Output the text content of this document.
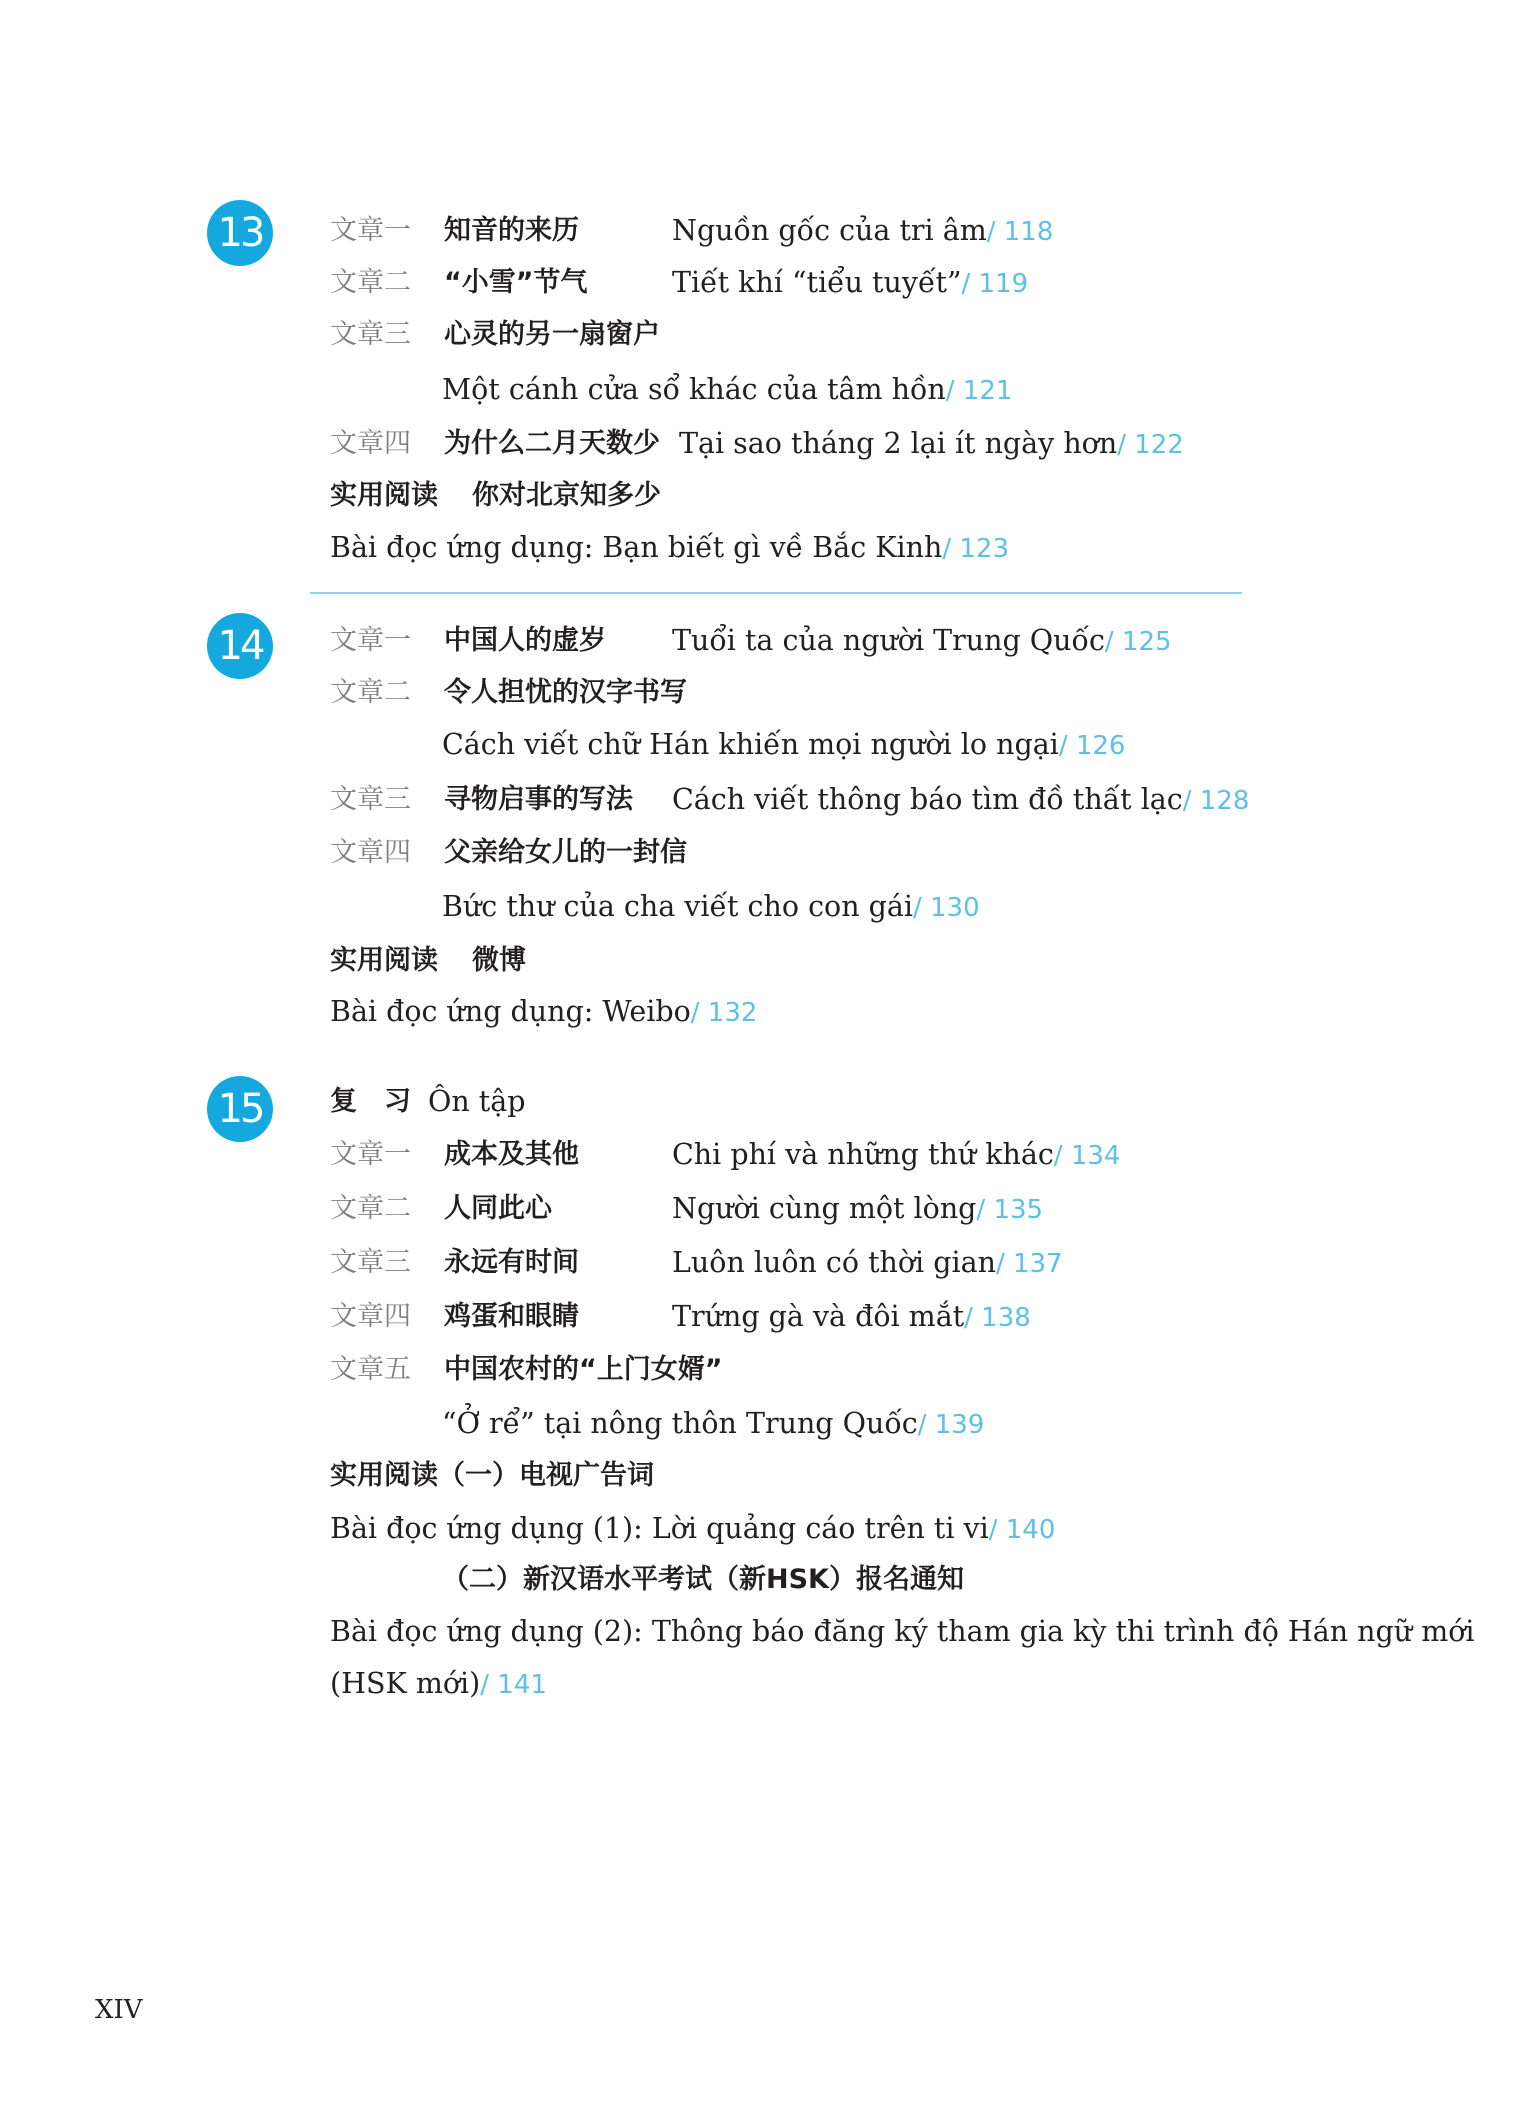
13	文章一 知音的来历	Nguồn gốc của tri âm/ 118
文章二 “小雪”节气	Tiết khí “tiểu tuyết”/ 119
文章三 心灵的另一扇窗户
Một cánh cửa sổ khác của tâm hồn/ 121
文章四 为什么二月天数少 Tại sao tháng 2 lại ít ngày hơn/ 122
实用阅读 你对北京知多少
Bài đọc ứng dụng: Bạn biết gì về Bắc Kinh/ 123
14	文章一 中国人的虚岁 Tuổi ta của người Trung Quốc/ 125
文章二 令人担忧的汉字书写
Cách viết chữ Hán khiến mọi người lo ngại/ 126
文章三 寻物启事的写法 Cách viết thông báo tìm đồ thất lạc/ 128
文章四 父亲给女儿的一封信
Bức thư của cha viết cho con gái/ 130
实用阅读 微博
Bài đọc ứng dụng: Weibo/ 132
15	复　习 Ôn tập
文章一 成本及其他	Chi phí và những thứ khác/ 134
文章二 人同此心	Người cùng một lòng/ 135
文章三 永远有时间	Luôn luôn có thời gian/ 137
文章四 鸡蛋和眼睛	Trứng gà và đôi mắt/ 138
文章五 中国农村的“上门女婿”
“Ở rể” tại nông thôn Trung Quốc/ 139
实用阅读（一）电视广告词
Bài đọc ứng dụng (1): Lời quảng cáo trên ti vi/ 140
（二）新汉语水平考试（新HSK）报名通知
Bài đọc ứng dụng (2): Thông báo đăng ký tham gia kỳ thi trình độ Hán ngữ mới
(HSK mới)/ 141
XIV
